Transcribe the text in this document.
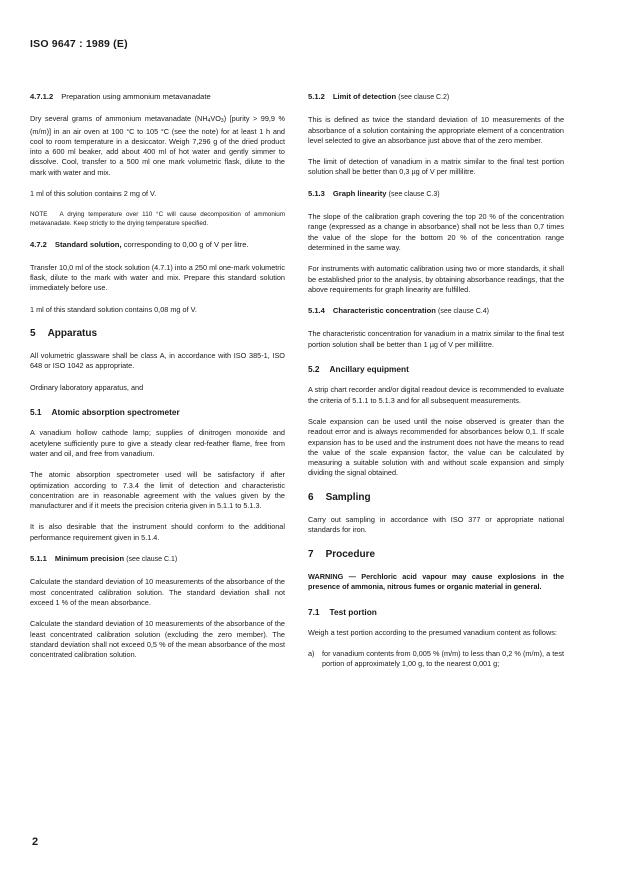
ISO 9647 : 1989 (E)
4.7.1.2 Preparation using ammonium metavanadate

Dry several grams of ammonium metavanadate $(NH_4VO_3)$ [purity > 99,9 % (m/m)] in an air oven at 100 °C to 105 °C (see the note) for at least 1 h and cool to room temperature in a desiccator. Weigh 7,296 g of the dried product into a 600 ml beaker, add about 400 ml of hot water and gently simmer to dissolve. Cool, transfer to a 500 ml one mark volumetric flask, dilute to the mark with water and mix.

1 ml of this solution contains 2 mg of V.

NOTE A drying temperature over 110 °C will cause decomposition of ammonium metavanadate. Keep strictly to the drying temperature specified.

4.7.2 Standard solution, corresponding to 0,00 g of V per litre.

Transfer 10,0 ml of the stock solution (4.7.1) into a 250 ml one-mark volumetric flask, dilute to the mark with water and mix. Prepare this standard solution immediately before use.

1 ml of this standard solution contains 0,08 mg of V.

5 Apparatus

All volumetric glassware shall be class A, in accordance with ISO 385-1, ISO 648 or ISO 1042 as appropriate.

Ordinary laboratory apparatus, and

5.1 Atomic absorption spectrometer

A vanadium hollow cathode lamp; supplies of dinitrogen monoxide and acetylene sufficiently pure to give a steady clear red-feather flame, free from water and oil, and free from vanadium.

The atomic absorption spectrometer used will be satisfactory if after optimization according to 7.3.4 the limit of detection and characteristic concentration are in reasonable agreement with the values given by the manufacturer and if it meets the precision criteria given in 5.1.1 to 5.1.3.

It is also desirable that the instrument should conform to the additional performance requirement given in 5.1.4.

5.1.1 Minimum precision (see clause C.1)

Calculate the standard deviation of 10 measurements of the absorbance of the most concentrated calibration solution. The standard deviation shall not exceed 1 % of the mean absorbance.

Calculate the standard deviation of 10 measurements of the absorbance of the least concentrated calibration solution (excluding the zero member). The standard deviation shall not exceed 0,5 % of the mean absorbance of the most concentrated calibration solution.

5.1.2 Limit of detection (see clause C.2)

This is defined as twice the standard deviation of 10 measurements of the absorbance of a solution containing the appropriate element of a concentration level selected to give an absorbance just above that of the zero member.

The limit of detection of vanadium in a matrix similar to the final test portion solution shall be better than 0,3 µg of V per millilitre.

5.1.3 Graph linearity (see clause C.3)

The slope of the calibration graph covering the top 20 % of the concentration range (expressed as a change in absorbance) shall not be less than 0,7 times the value of the slope for the bottom 20 % of the concentration range determined in the same way.

For instruments with automatic calibration using two or more standards, it shall be established prior to the analysis, by obtaining absorbance readings, that the above requirements for graph linearity are fulfilled.

5.1.4 Characteristic concentration (see clause C.4)

The characteristic concentration for vanadium in a matrix similar to the final test portion solution shall be better than 1 µg of V per millilitre.

5.2 Ancillary equipment

A strip chart recorder and/or digital readout device is recommended to evaluate the criteria of 5.1.1 to 5.1.3 and for all subsequent measurements.

Scale expansion can be used until the noise observed is greater than the readout error and is always recommended for absorbances below 0,1. If scale expansion has to be used and the instrument does not have the means to read the value of the scale expansion factor, the value can be calculated by measuring a suitable solution with and without scale expansion and simply dividing the signal obtained.

6 Sampling

Carry out sampling in accordance with ISO 377 or appropriate national standards for iron.

7 Procedure

WARNING — Perchloric acid vapour may cause explosions in the presence of ammonia, nitrous fumes or organic material in general.

7.1 Test portion

Weigh a test portion according to the presumed vanadium content as follows:

a)	for vanadium contents from 0,005 % (m/m) to less than 0,2 % (m/m), a test portion of approximately 1,00 g, to the nearest 0,001 g;
2
